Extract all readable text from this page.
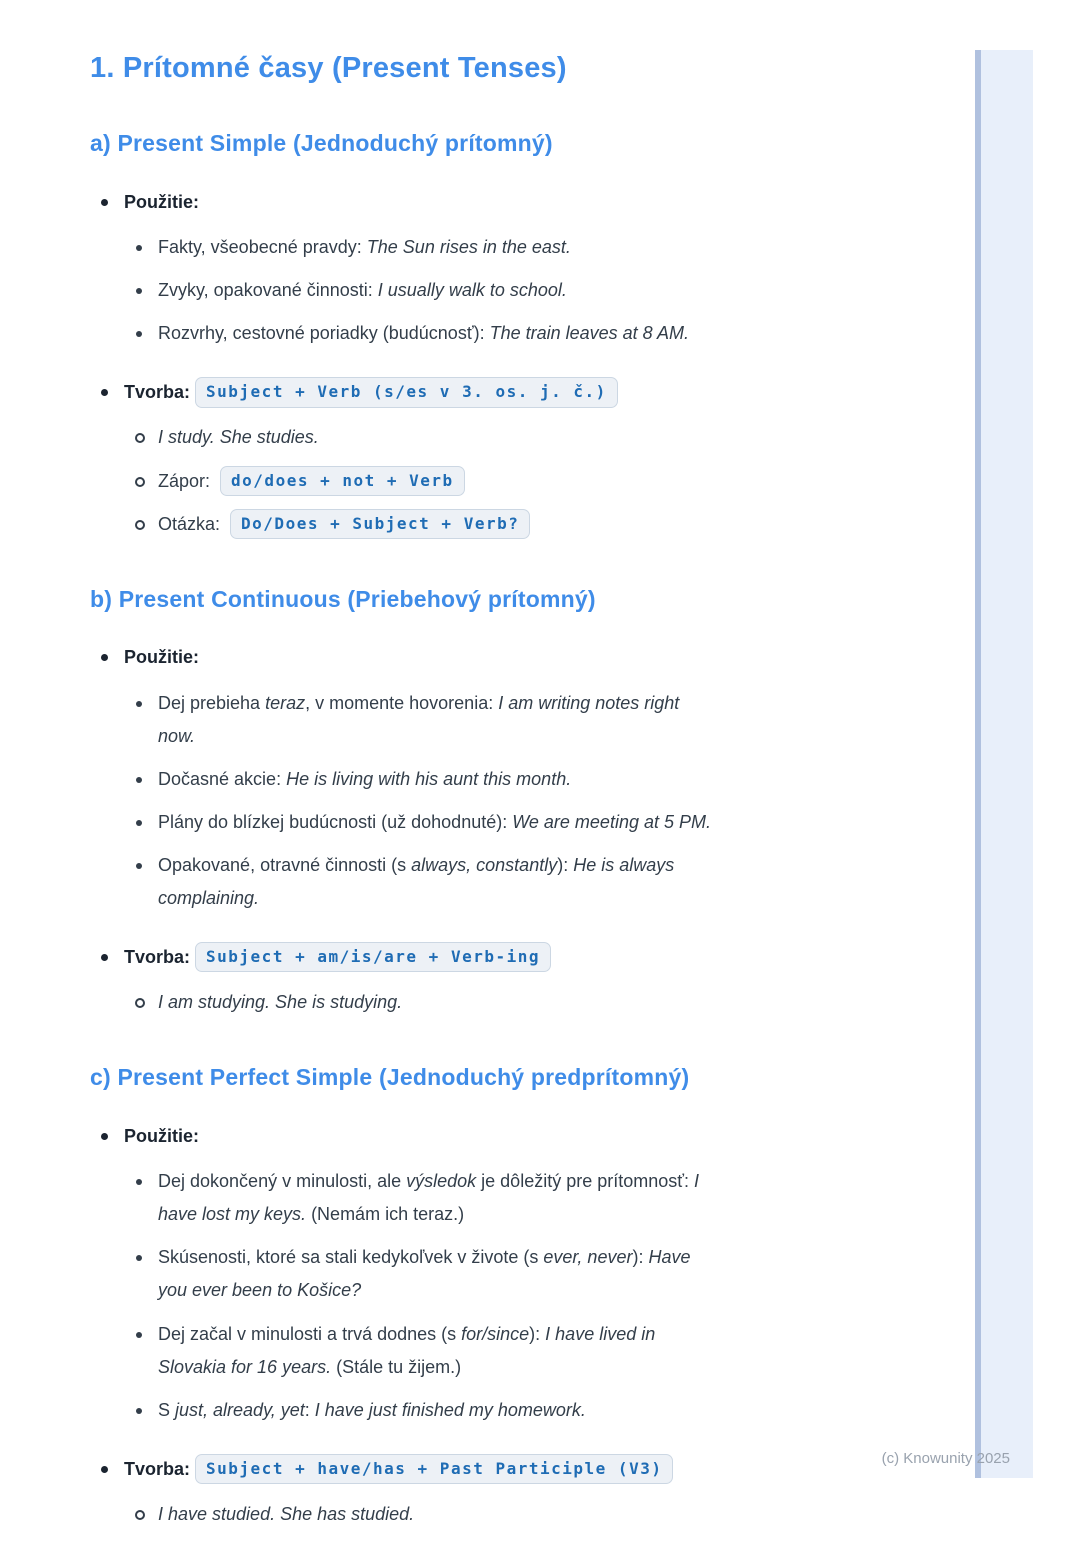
1. Prítomné časy (Present Tenses)
a) Present Simple (Jednoduchý prítomný)
Použitie:
Fakty, všeobecné pravdy: The Sun rises in the east.
Zvyky, opakované činnosti: I usually walk to school.
Rozvrhy, cestovné poriadky (budúcnosť): The train leaves at 8 AM.
Tvorba: Subject + Verb (s/es v 3. os. j. č.)
I study. She studies.
Zápor: do/does + not + Verb
Otázka: Do/Does + Subject + Verb?
b) Present Continuous (Priebehový prítomný)
Použitie:
Dej prebieha teraz, v momente hovorenia: I am writing notes right
now.
Dočasné akcie: He is living with his aunt this month.
Plány do blízkej budúcnosti (už dohodnuté): We are meeting at 5 PM.
Opakované, otravné činnosti (s always, constantly): He is always
complaining.
Tvorba: Subject + am/is/are + Verb-ing
I am studying. She is studying.
c) Present Perfect Simple (Jednoduchý predprítomný)
Použitie:
Dej dokončený v minulosti, ale výsledok je dôležitý pre prítomnosť: I
have lost my keys. (Nemám ich teraz.)
Skúsenosti, ktoré sa stali kedykoľvek v živote (s ever, never): Have
you ever been to Košice?
Dej začal v minulosti a trvá dodnes (s for/since): I have lived in
Slovakia for 16 years. (Stále tu žijem.)
S just, already, yet: I have just finished my homework.
Tvorba: Subject + have/has + Past Participle (V3)
I have studied. She has studied.
(c) Knowunity 2025
